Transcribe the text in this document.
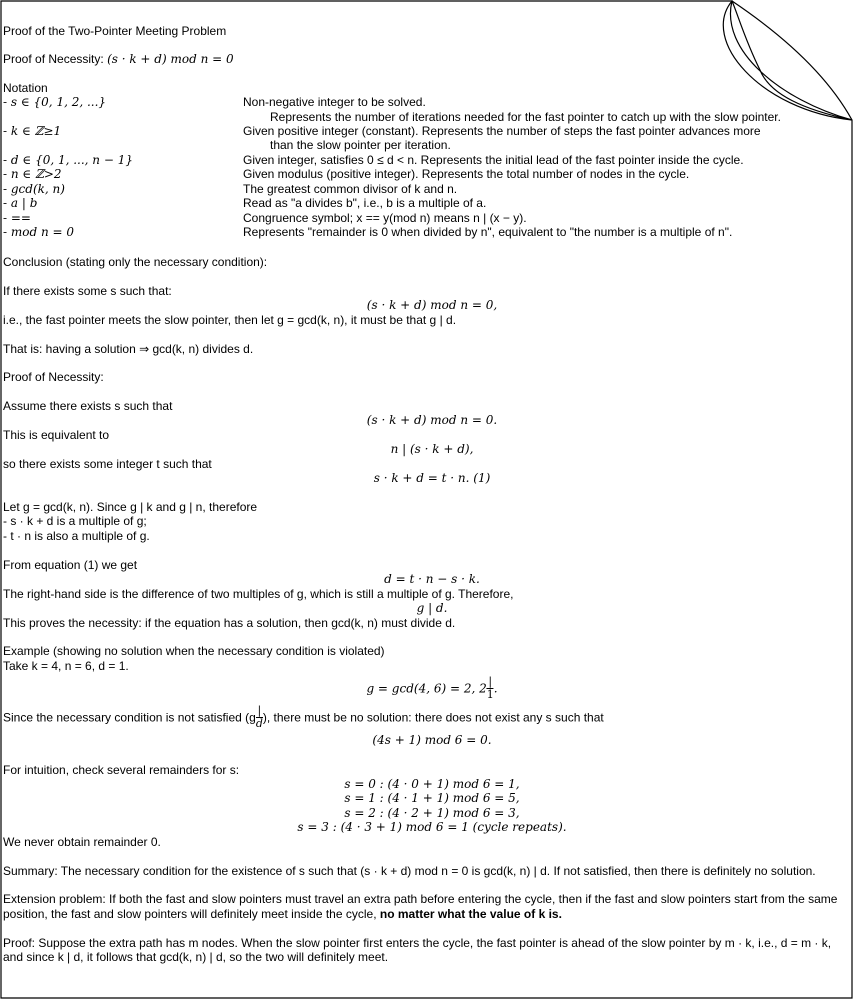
Proof of the Two-Pointer Meeting Problem
Proof of Necessity: (s · k + d) mod n = 0
Notation
- s ∈ {0, 1, 2, ...}	Non-negative integer to be solved.
Represents the number of iterations needed for the fast pointer to catch up with the slow pointer.
- k ∈ ℤ≥1	Given positive integer (constant). Represents the number of steps the fast pointer advances more
than the slow pointer per iteration.
- d ∈ {0, 1, ..., n − 1}	Given integer, satisfies 0 ≤ d < n. Represents the initial lead of the fast pointer inside the cycle.
- n ∈ ℤ>2	Given modulus (positive integer). Represents the total number of nodes in the cycle.
- gcd(k, n)	The greatest common divisor of k and n.
- a | b	Read as "a divides b", i.e., b is a multiple of a.
- ==	Congruence symbol; x == y(mod n) means n | (x − y).
- mod n = 0	Represents "remainder is 0 when divided by n", equivalent to "the number is a multiple of n".
Conclusion (stating only the necessary condition):
If there exists some s such that:
(s · k + d) mod n = 0,
i.e., the fast pointer meets the slow pointer, then let g = gcd(k, n), it must be that g | d.
That is: having a solution ⇒ gcd(k, n) divides d.
Proof of Necessity:
Assume there exists s such that
(s · k + d) mod n = 0.
This is equivalent to
n | (s · k + d),
so there exists some integer t such that
s · k + d = t · n. (1)
Let g = gcd(k, n). Since g | k and g | n, therefore
- s · k + d is a multiple of g;
- t · n is also a multiple of g.
From equation (1) we get
d = t · n − s · k.
The right-hand side is the difference of two multiples of g, which is still a multiple of g. Therefore,
g | d.
This proves the necessity: if the equation has a solution, then gcd(k, n) must divide d.
Example (showing no solution when the necessary condition is violated)
Take k = 4, n = 6, d = 1.
g = gcd(4, 6) = 2, 2 |
1 .
Since the necessary condition is not satisfied (g |
d ), there must be no solution: there does not exist any s such that
(4s + 1) mod 6 = 0.
For intuition, check several remainders for s:
s = 0 : (4 · 0 + 1) mod 6 = 1,
s = 1 : (4 · 1 + 1) mod 6 = 5,
s = 2 : (4 · 2 + 1) mod 6 = 3,
s = 3 : (4 · 3 + 1) mod 6 = 1 (cycle repeats).
We never obtain remainder 0.
Summary: The necessary condition for the existence of s such that (s · k + d) mod n = 0 is gcd(k, n) | d. If not satisfied, then there is definitely no solution.
Extension problem: If both the fast and slow pointers must travel an extra path before entering the cycle, then if the fast and slow pointers start from the same
position, the fast and slow pointers will definitely meet inside the cycle, no matter what the value of k is.
Proof: Suppose the extra path has m nodes. When the slow pointer first enters the cycle, the fast pointer is ahead of the slow pointer by m · k, i.e., d = m · k,
and since k | d, it follows that gcd(k, n) | d, so the two will definitely meet.
